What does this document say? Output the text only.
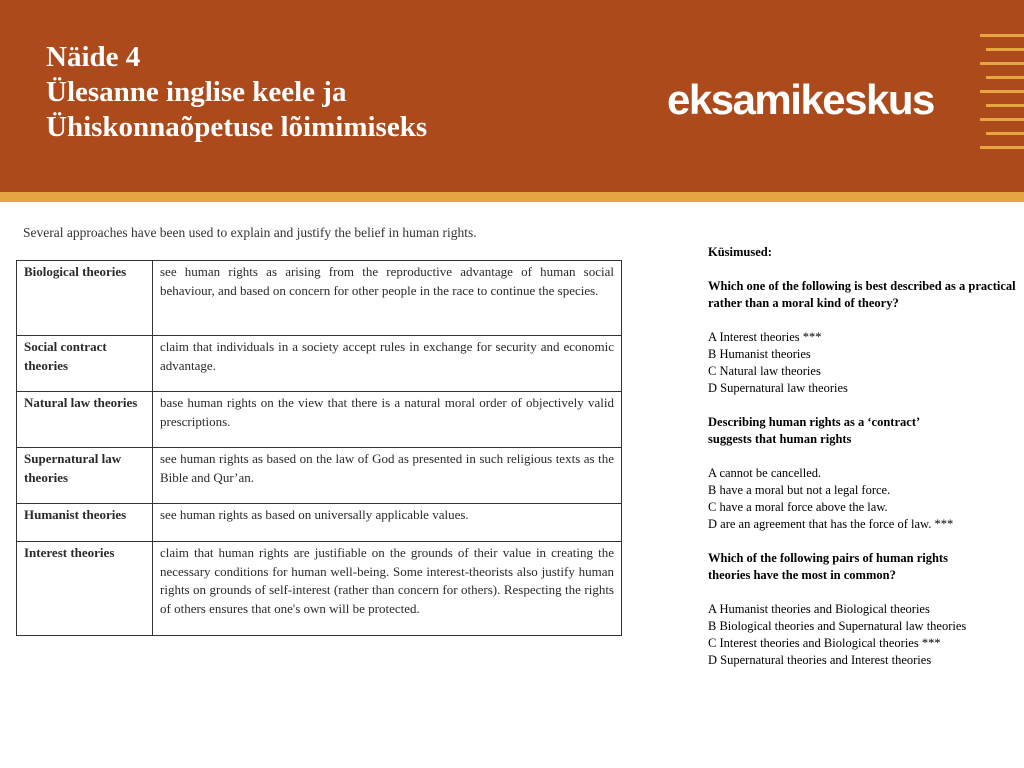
Näide 4
Ülesanne inglise keele ja
Ühiskonnaõpetuse lõimimiseks
eksamikeskus
Several approaches have been used to explain and justify the belief in human rights.
Biological theories	see human rights as arising from the reproductive advantage of human social behaviour, and based on concern for other people in the race to continue the species.
Social contract theories	claim that individuals in a society accept rules in exchange for security and economic advantage.
Natural law theories	base human rights on the view that there is a natural moral order of objectively valid prescriptions.
Supernatural law theories	see human rights as based on the law of God as presented in such religious texts as the Bible and Qur’an.
Humanist theories	see human rights as based on universally applicable values.
Interest theories	claim that human rights are justifiable on the grounds of their value in creating the necessary conditions for human well-being. Some interest-theorists also justify human rights on grounds of self-interest (rather than concern for others). Respecting the rights of others ensures that one's own will be protected.
Küsimused:
Which one of the following is best described as a practical rather than a moral kind of theory?
A Interest theories ***
B Humanist theories
C Natural law theories
D Supernatural law theories
Describing human rights as a ‘contract’ suggests that human rights
A cannot be cancelled.
B have a moral but not a legal force.
C have a moral force above the law.
D are an agreement that has the force of law. ***
Which of the following pairs of human rights theories have the most in common?
A Humanist theories and Biological theories
B Biological theories and Supernatural law theories
C Interest theories and Biological theories ***
D Supernatural theories and Interest theories
